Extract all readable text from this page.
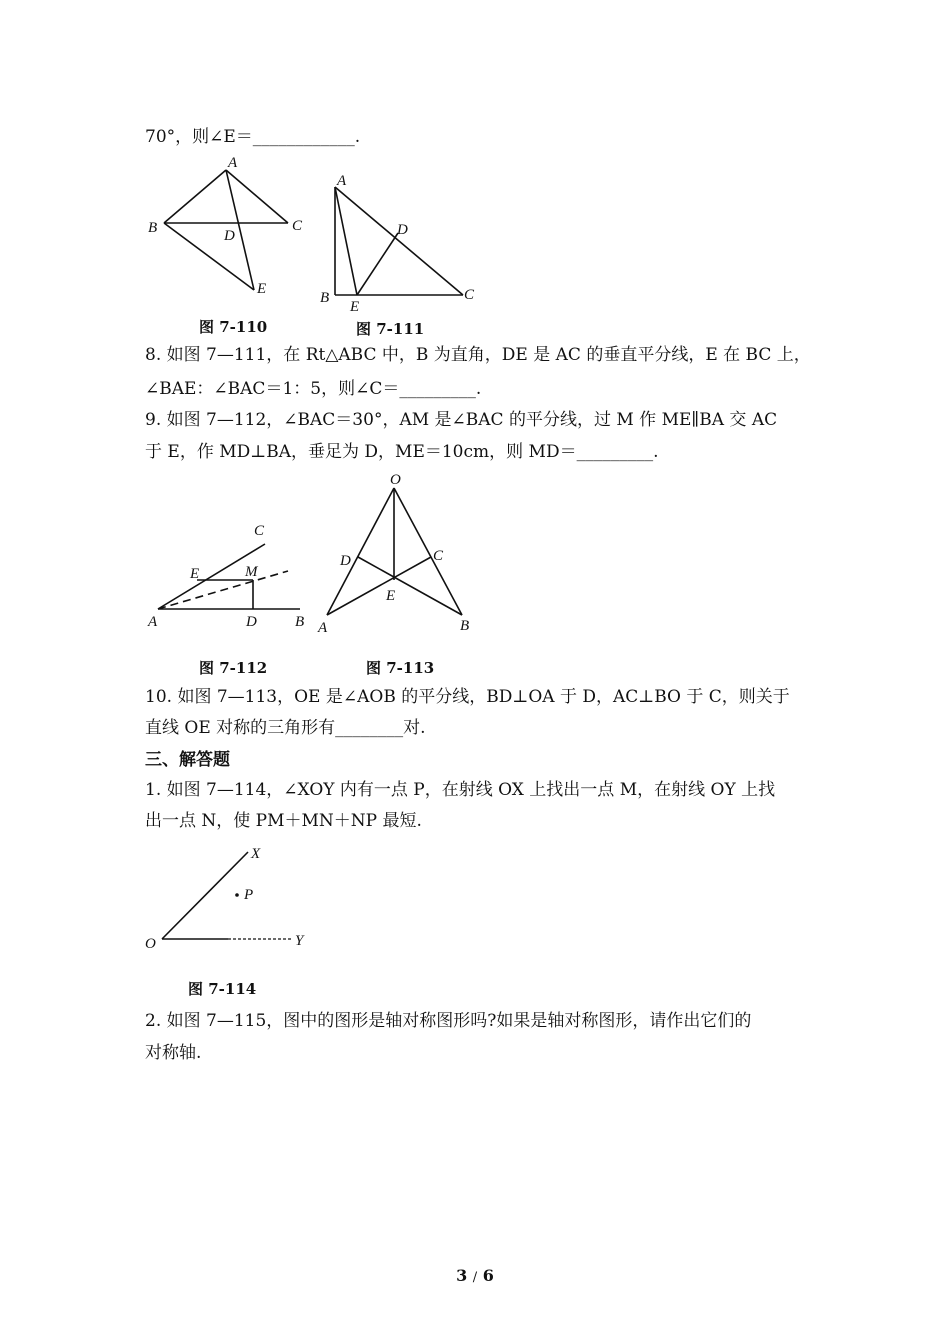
70°，则∠E＝____________.
A
B	C
D
E
图 7-110
A
B	C
D
E
图 7-111
8. 如图 7—111，在 Rt△ABC 中，B 为直角，DE 是 AC 的垂直平分线，E 在 BC 上，
∠BAE：∠BAC＝1：5，则∠C＝_________.
9. 如图 7—112，∠BAC＝30°，AM 是∠BAC 的平分线，过 M 作 ME∥BA 交 AC
于 E，作 MD⊥BA，垂足为 D，ME＝10cm，则 MD＝_________.
C
E	M
A	D	B
图 7-112
O
D	C
E
A	B
图 7-113
10. 如图 7—113，OE 是∠AOB 的平分线，BD⊥OA 于 D，AC⊥BO 于 C，则关于
直线 OE 对称的三角形有________对.
三、解答题
1. 如图 7—114，∠XOY 内有一点 P，在射线 OX 上找出一点 M，在射线 OY 上找
出一点 N，使 PM＋MN＋NP 最短.
X
P
O	Y
图 7-114
2. 如图 7—115，图中的图形是轴对称图形吗?如果是轴对称图形，请作出它们的
对称轴.
3 / 6
